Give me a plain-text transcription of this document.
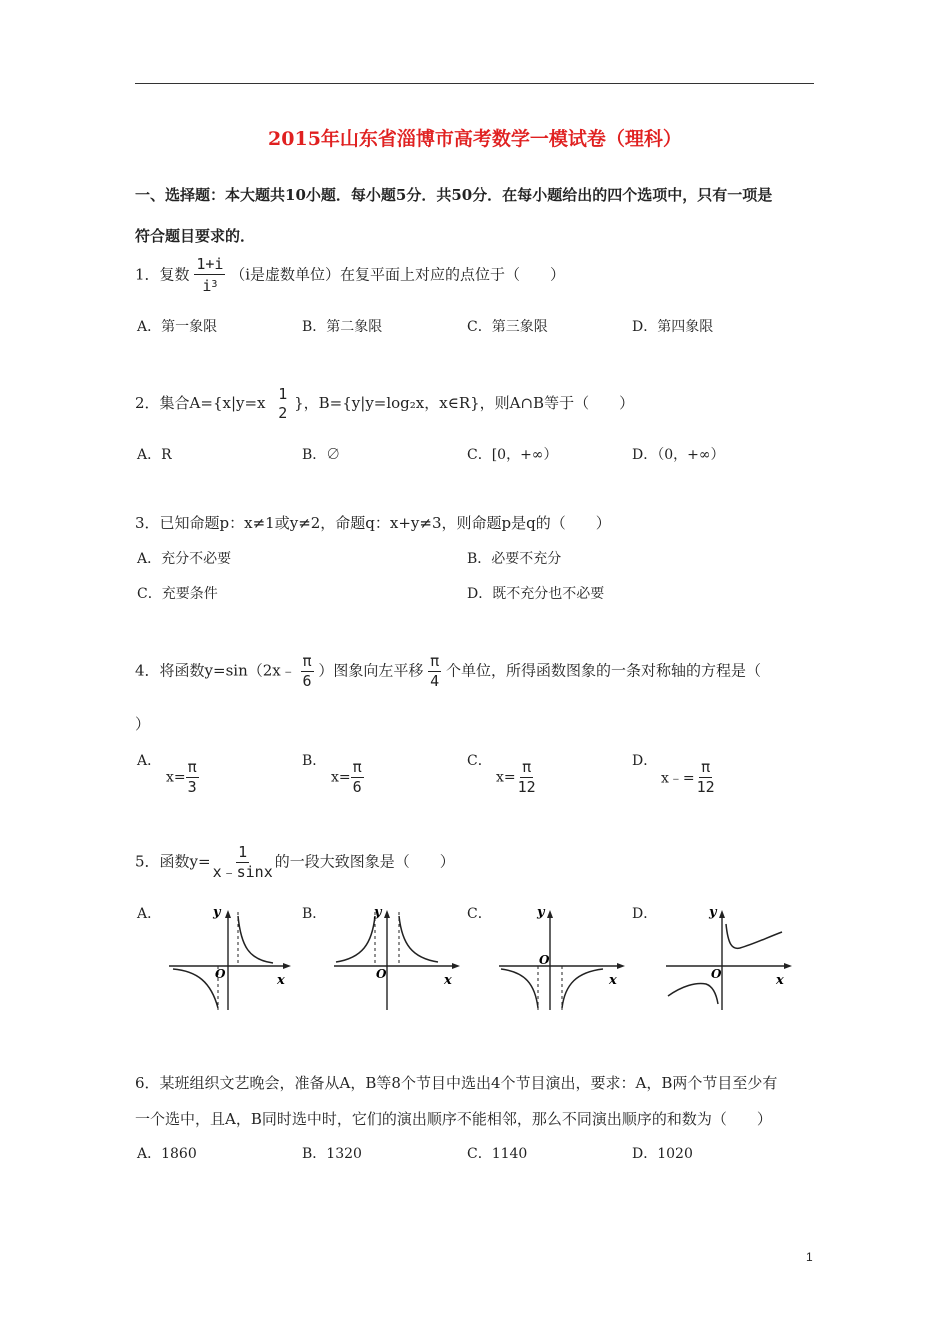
2015年山东省淄博市高考数学一模试卷（理科）
一、选择题：本大题共10小题．每小题5分．共50分．在每小题给出的四个选项中，只有一项是
符合题目要求的．
1．复数 $\frac{1+i}{i^3} (i$是虚数单位）在复平面上对应的点位于（　　）
A．第一象限	B．第二象限	C．第三象限	D．第四象限
2．集合A={x|y=x 1
2
}，B={y|y=log₂x，x∈R}，则A∩B等于（　　）
A．R	B．∅	C．[0，+∞）	D．（0，+∞）
3．已知命题p：x≠1或y≠2，命题q：x+y≠3，则命题p是q的（　　）
A．充分不必要	B．必要不充分
C．充要条件	D．既不充分也不必要
4．将函数y=sin（2x﹣ $\frac{\pi}{6}$ ）图象向左平移 $\frac{\pi}{4}$ 个单位，所得函数图象的一条对称轴的方程是（
）
A．
$x= \frac{\pi}{3}$	B．
$x= \frac{\pi}{6}$	C．
$x= \frac{\pi}{12}$	D．
x﹣= $\frac{\pi}{12}$
5．函数$y= \frac{1}{x﹣\sin x}$ 的一段大致图象是（　　）
A．	B．	C．	D．
y
x
O
y
x
O
y
x
O
y
x
O
6．某班组织文艺晚会，准备从A，B等8个节目中选出4个节目演出，要求：A，B两个节目至少有
一个选中，且A，B同时选中时，它们的演出顺序不能相邻，那么不同演出顺序的和数为（　　）
A．1860	B．1320	C．1140	D．1020
1
